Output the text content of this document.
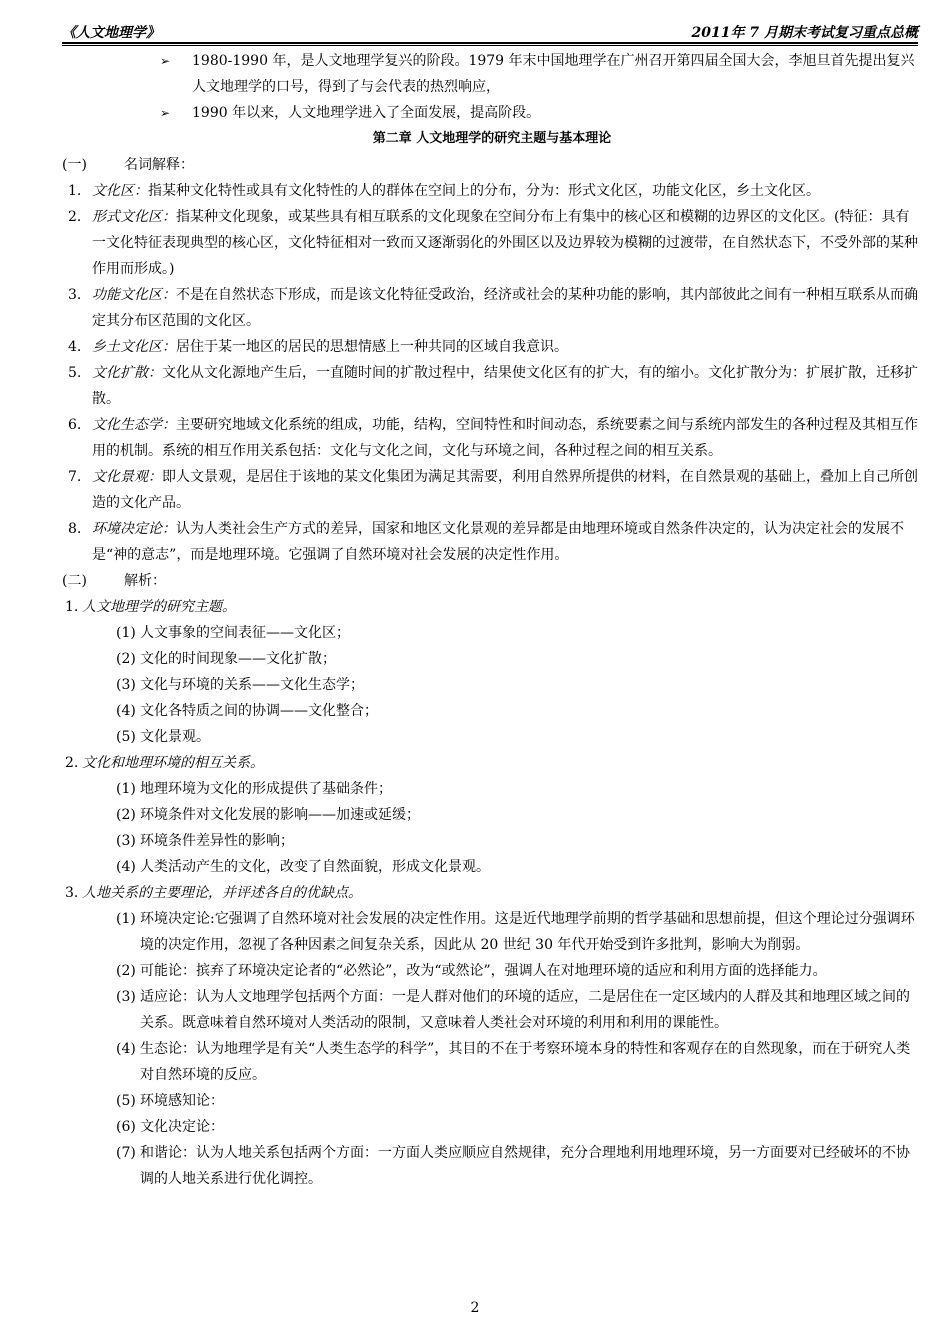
《人文地理学》	2011年 7 月期末考试复习重点总概
➢ 1980-1990 年，是人文地理学复兴的阶段。1979 年末中国地理学在广州召开第四届全国大会，李旭旦首先提出复兴人文地理学的口号，得到了与会代表的热烈响应，
➢ 1990 年以来，人文地理学进入了全面发展，提高阶段。
第二章 人文地理学的研究主题与基本理论
(一)	名词解释：
1. 文化区：指某种文化特性或具有文化特性的人的群体在空间上的分布，分为：形式文化区，功能文化区，乡土文化区。
2. 形式文化区：指某种文化现象，或某些具有相互联系的文化现象在空间分布上有集中的核心区和模糊的边界区的文化区。(特征：具有一文化特征表现典型的核心区，文化特征相对一致而又逐渐弱化的外围区以及边界较为模糊的过渡带，在自然状态下，不受外部的某种作用而形成。)
3. 功能文化区：不是在自然状态下形成，而是该文化特征受政治，经济或社会的某种功能的影响，其内部彼此之间有一种相互联系从而确定其分布区范围的文化区。
4. 乡土文化区：居住于某一地区的居民的思想情感上一种共同的区域自我意识。
5. 文化扩散：文化从文化源地产生后，一直随时间的扩散过程中，结果使文化区有的扩大，有的缩小。文化扩散分为：扩展扩散，迁移扩散。
6. 文化生态学：主要研究地域文化系统的组成，功能，结构，空间特性和时间动态，系统要素之间与系统内部发生的各种过程及其相互作用的机制。系统的相互作用关系包括：文化与文化之间，文化与环境之间，各种过程之间的相互关系。
7. 文化景观：即人文景观，是居住于该地的某文化集团为满足其需要，利用自然界所提供的材料，在自然景观的基础上，叠加上自己所创造的文化产品。
8. 环境决定论：认为人类社会生产方式的差异，国家和地区文化景观的差异都是由地理环境或自然条件决定的，认为决定社会的发展不是“神的意志”，而是地理环境。它强调了自然环境对社会发展的决定性作用。
(二)	解析：
1. 人文地理学的研究主题。
(1) 人文事象的空间表征——文化区；
(2) 文化的时间现象——文化扩散；
(3) 文化与环境的关系——文化生态学；
(4) 文化各特质之间的协调——文化整合；
(5) 文化景观。
2. 文化和地理环境的相互关系。
(1) 地理环境为文化的形成提供了基础条件；
(2) 环境条件对文化发展的影响——加速或延缓；
(3) 环境条件差异性的影响；
(4) 人类活动产生的文化，改变了自然面貌，形成文化景观。
3. 人地关系的主要理论，并评述各自的优缺点。
(1) 环境决定论:它强调了自然环境对社会发展的决定性作用。这是近代地理学前期的哲学基础和思想前提，但这个理论过分强调环境的决定作用，忽视了各种因素之间复杂关系，因此从 20 世纪 30 年代开始受到许多批判，影响大为削弱。
(2) 可能论：摈弃了环境决定论者的“必然论”，改为“或然论”，强调人在对地理环境的适应和利用方面的选择能力。
(3) 适应论：认为人文地理学包括两个方面：一是人群对他们的环境的适应，二是居住在一定区域内的人群及其和地理区域之间的关系。既意味着自然环境对人类活动的限制，又意味着人类社会对环境的利用和利用的课能性。
(4) 生态论：认为地理学是有关“人类生态学的科学”，其目的不在于考察环境本身的特性和客观存在的自然现象，而在于研究人类对自然环境的反应。
(5) 环境感知论：
(6) 文化决定论：
(7) 和谐论：认为人地关系包括两个方面：一方面人类应顺应自然规律，充分合理地利用地理环境，另一方面要对已经破坏的不协调的人地关系进行优化调控。
2
